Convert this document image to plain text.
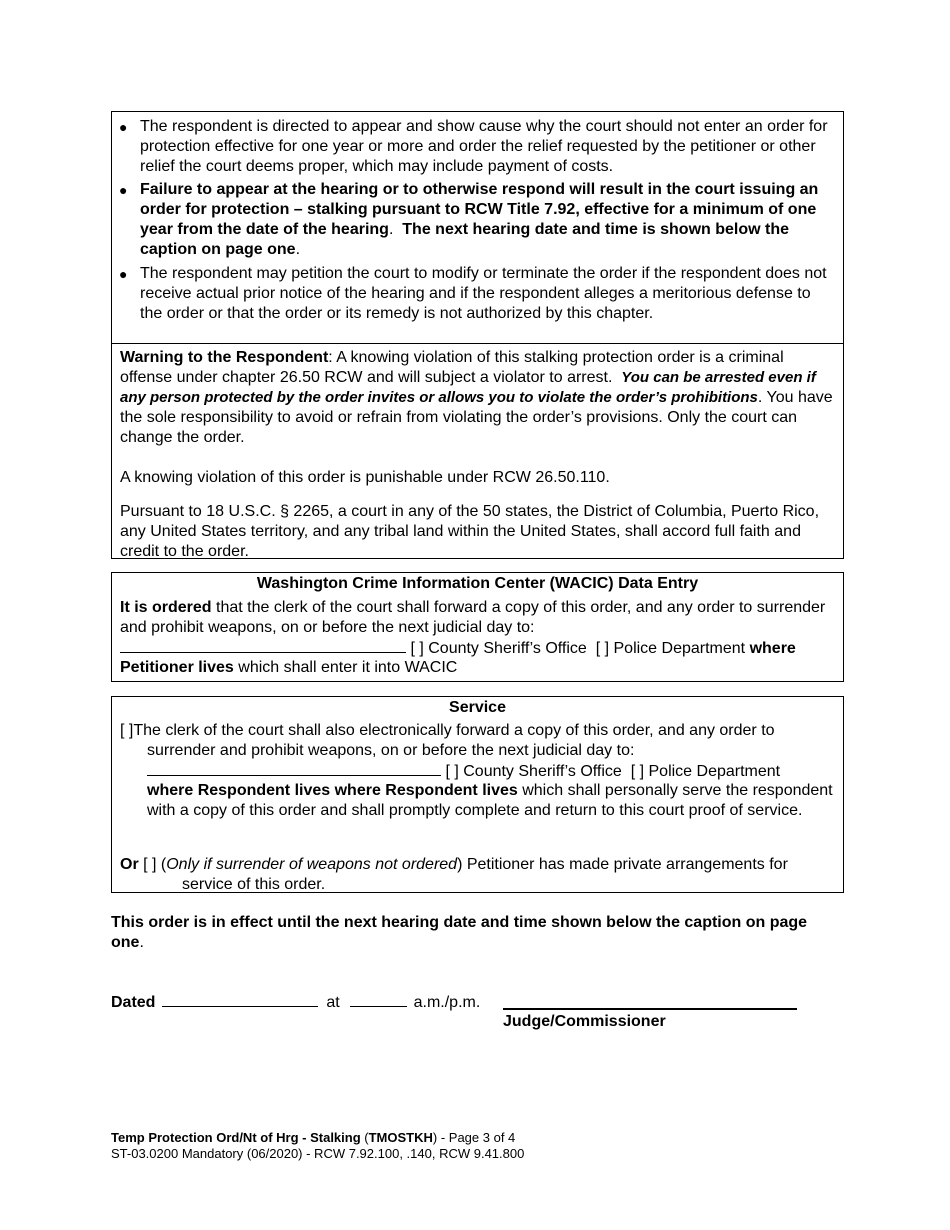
● The respondent is directed to appear and show cause why the court should not enter an order for protection effective for one year or more and order the relief requested by the petitioner or other relief the court deems proper, which may include payment of costs.
● Failure to appear at the hearing or to otherwise respond will result in the court issuing an order for protection – stalking pursuant to RCW Title 7.92, effective for a minimum of one year from the date of the hearing. The next hearing date and time is shown below the caption on page one.
● The respondent may petition the court to modify or terminate the order if the respondent does not receive actual prior notice of the hearing and if the respondent alleges a meritorious defense to the order or that the order or its remedy is not authorized by this chapter.

Warning to the Respondent: A knowing violation of this stalking protection order is a criminal offense under chapter 26.50 RCW and will subject a violator to arrest. You can be arrested even if any person protected by the order invites or allows you to violate the order’s prohibitions. You have the sole responsibility to avoid or refrain from violating the order’s provisions. Only the court can change the order.

A knowing violation of this order is punishable under RCW 26.50.110.

Pursuant to 18 U.S.C. § 2265, a court in any of the 50 states, the District of Columbia, Puerto Rico, any United States territory, and any tribal land within the United States, shall accord full faith and credit to the order.

Washington Crime Information Center (WACIC) Data Entry
It is ordered that the clerk of the court shall forward a copy of this order, and any order to surrender and prohibit weapons, on or before the next judicial day to:
[ ] County Sheriff’s Office [ ] Police Department where
Petitioner lives which shall enter it into WACIC
Service
[ ]The clerk of the court shall also electronically forward a copy of this order, and any order to
surrender and prohibit weapons, on or before the next judicial day to:
[ ] County Sheriff’s Office [ ] Police Department
where Respondent lives where Respondent lives which shall personally serve the respondent with a copy of this order and shall promptly complete and return to this court proof of service.
Or [ ] (Only if surrender of weapons not ordered) Petitioner has made private arrangements for
service of this order.
This order is in effect until the next hearing date and time shown below the caption on page one.
Dated	at	a.m./p.m.
Judge/Commissioner
Temp Protection Ord/Nt of Hrg - Stalking (TMOSTKH) - Page 3 of 4
ST-03.0200 Mandatory (06/2020) - RCW 7.92.100, .140, RCW 9.41.800
